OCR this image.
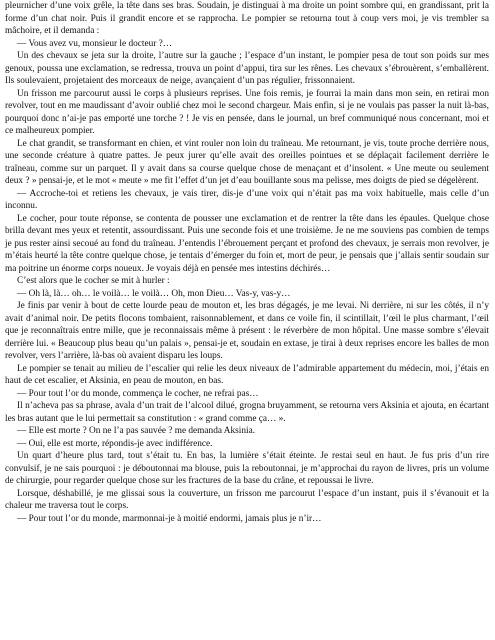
pleurnicher d’une voix grêle, la tête dans ses bras. Soudain, je distinguai à ma droite un point sombre qui, en grandissant, prit la forme d’un chat noir. Puis il grandit encore et se rapprocha. Le pompier se retourna tout à coup vers moi, je vis trembler sa mâchoire, et il demanda :

— Vous avez vu, monsieur le docteur ?…

Un des chevaux se jeta sur la droite, l’autre sur la gauche ; l’espace d’un instant, le pompier pesa de tout son poids sur mes genoux, poussa une exclamation, se redressa, trouva un point d’appui, tira sur les rênes. Les chevaux s’ébrouèrent, s’emballèrent. Ils soulevaient, projetaient des morceaux de neige, avançaient d’un pas régulier, frissonnaient.

Un frisson me parcourut aussi le corps à plusieurs reprises. Une fois remis, je fourrai la main dans mon sein, en retirai mon revolver, tout en me maudissant d’avoir oublié chez moi le second chargeur. Mais enfin, si je ne voulais pas passer la nuit là-bas, pourquoi donc n’ai-je pas emporté une torche ? ! Je vis en pensée, dans le journal, un bref communiqué nous concernant, moi et ce malheureux pompier.

Le chat grandit, se transformant en chien, et vint rouler non loin du traîneau. Me retournant, je vis, toute proche derrière nous, une seconde créature à quatre pattes. Je peux jurer qu’elle avait des oreilles pointues et se déplaçait facilement derrière le traîneau, comme sur un parquet. Il y avait dans sa course quelque chose de menaçant et d’insolent. « Une meute ou seulement deux ? » pensai-je, et le mot « meute » me fit l’effet d’un jet d’eau bouillante sous ma pelisse, mes doigts de pied se dégelèrent.

— Accroche-toi et retiens les chevaux, je vais tirer, dis-je d’une voix qui n’était pas ma voix habituelle, mais celle d’un inconnu.

Le cocher, pour toute réponse, se contenta de pousser une exclamation et de rentrer la tête dans les épaules. Quelque chose brilla devant mes yeux et retentit, assourdissant. Puis une seconde fois et une troisième. Je ne me souviens pas combien de temps je pus rester ainsi secoué au fond du traîneau. J’entendis l’ébrouement perçant et profond des chevaux, je serrais mon revolver, je m’étais heurté la tête contre quelque chose, je tentais d’émerger du foin et, mort de peur, je pensais que j’allais sentir soudain sur ma poitrine un énorme corps noueux. Je voyais déjà en pensée mes intestins déchirés…

C’est alors que le cocher se mit à hurler :

— Oh là, là… oh… le voilà… le voilà… Oh, mon Dieu… Vas-y, vas-y…

Je finis par venir à bout de cette lourde peau de mouton et, les bras dégagés, je me levai. Ni derrière, ni sur les côtés, il n’y avait d’animal noir. De petits flocons tombaient, raisonnablement, et dans ce voile fin, il scintillait, l’œil le plus charmant, l’œil que je reconnaîtrais entre mille, que je reconnaissais même à présent : le réverbère de mon hôpital. Une masse sombre s’élevait derrière lui. « Beaucoup plus beau qu’un palais », pensai-je et, soudain en extase, je tirai à deux reprises encore les balles de mon revolver, vers l’arrière, là-bas où avaient disparu les loups.

Le pompier se tenait au milieu de l’escalier qui relie les deux niveaux de l’admirable appartement du médecin, moi, j’étais en haut de cet escalier, et Aksinia, en peau de mouton, en bas.

— Pour tout l’or du monde, commença le cocher, ne refrai pas…

Il n’acheva pas sa phrase, avala d’un trait de l’alcool dilué, grogna bruyamment, se retourna vers Aksinia et ajouta, en écartant les bras autant que le lui permettait sa constitution : « grand comme ça… ».

— Elle est morte ? On ne l’a pas sauvée ? me demanda Aksinia.

— Oui, elle est morte, répondis-je avec indifférence.

Un quart d’heure plus tard, tout s’était tu. En bas, la lumière s’était éteinte. Je restai seul en haut. Je fus pris d’un rire convulsif, je ne sais pourquoi : je déboutonnai ma blouse, puis la reboutonnai, je m’approchai du rayon de livres, pris un volume de chirurgie, pour regarder quelque chose sur les fractures de la base du crâne, et repoussai le livre.

Lorsque, déshabillé, je me glissai sous la couverture, un frisson me parcourut l’espace d’un instant, puis il s’évanouit et la chaleur me traversa tout le corps.

— Pour tout l’or du monde, marmonnai-je à moitié endormi, jamais plus je n’ir…
